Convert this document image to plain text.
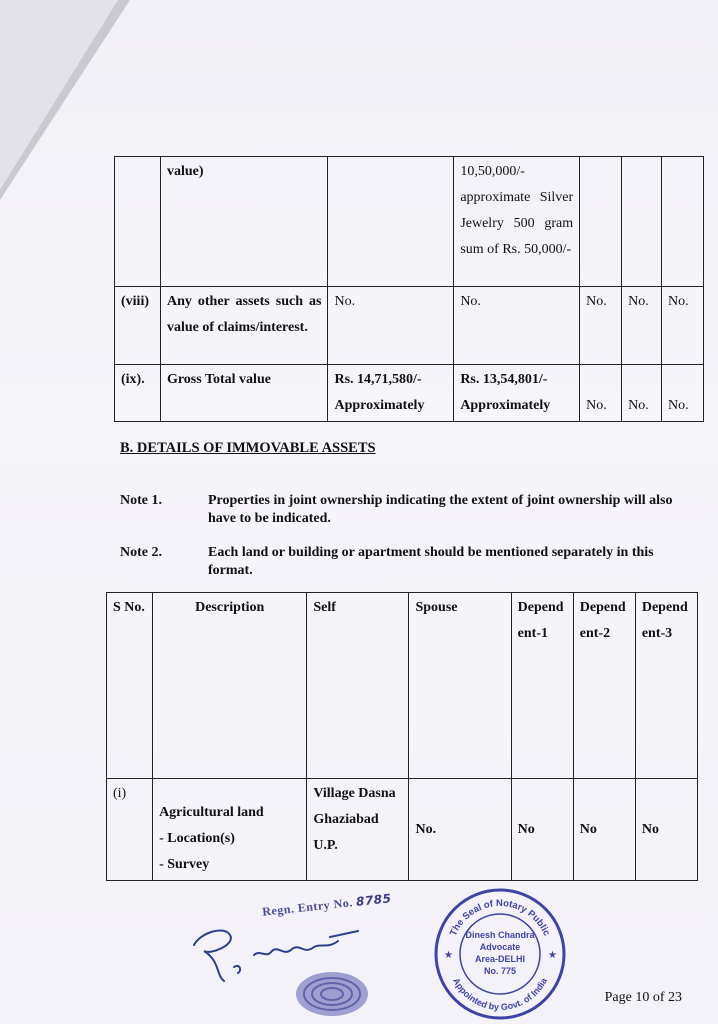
	value)		10,50,000/- approximate Silver Jewelry 500 gram sum of Rs. 50,000/-			
(viii)	Any other assets such as value of claims/interest.	No.	No.	No.	No.	No.
(ix).	Gross Total value	Rs. 14,71,580/- Approximately	Rs. 13,54,801/- Approximately	No.	No.	No.
B. DETAILS OF IMMOVABLE ASSETS
Note 1.	Properties in joint ownership indicating the extent of joint ownership will also have to be indicated.
Note 2.	Each land or building or apartment should be mentioned separately in this format.
S No.	Description	Self	Spouse	Depend ent-1	Depend ent-2	Depend ent-3
(i)	Agricultural land
- Location(s)
- Survey	Village Dasna Ghaziabad U.P.	No.	No	No	No
Regn. Entry No. 8785
The Seal of Notary Public
Appointed by Govt. of India
Dinesh Chandra
Advocate
Area-DELHI
No. 775
★	★
Page 10 of 23
